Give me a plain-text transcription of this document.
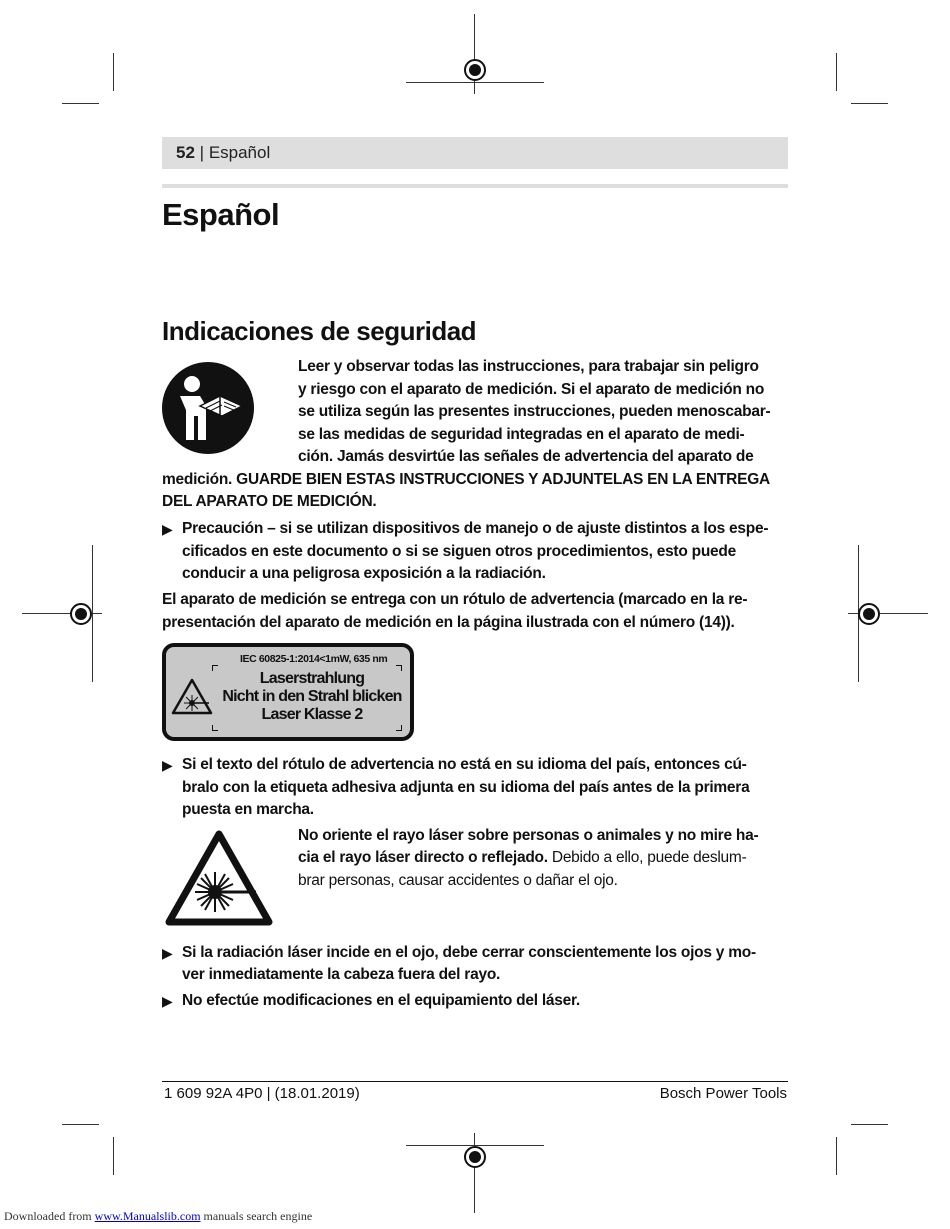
52 | Español
Español
Indicaciones de seguridad
Leer y observar todas las instrucciones, para trabajar sin peligro
y riesgo con el aparato de medición. Si el aparato de medición no
se utiliza según las presentes instrucciones, pueden menoscabar-
se las medidas de seguridad integradas en el aparato de medi-
ción. Jamás desvirtúe las señales de advertencia del aparato de
medición. GUARDE BIEN ESTAS INSTRUCCIONES Y ADJUNTELAS EN LA ENTREGA
DEL APARATO DE MEDICIÓN.
▶ Precaución – si se utilizan dispositivos de manejo o de ajuste distintos a los espe-
cificados en este documento o si se siguen otros procedimientos, esto puede
conducir a una peligrosa exposición a la radiación.
El aparato de medición se entrega con un rótulo de advertencia (marcado en la re-
presentación del aparato de medición en la página ilustrada con el número (14)).
IEC 60825-1:2014<1mW, 635 nm
Laserstrahlung
Nicht in den Strahl blicken
Laser Klasse 2
▶ Si el texto del rótulo de advertencia no está en su idioma del país, entonces cú-
bralo con la etiqueta adhesiva adjunta en su idioma del país antes de la primera
puesta en marcha.
No oriente el rayo láser sobre personas o animales y no mire ha-
cia el rayo láser directo o reflejado. Debido a ello, puede deslum-
brar personas, causar accidentes o dañar el ojo.
▶ Si la radiación láser incide en el ojo, debe cerrar conscientemente los ojos y mo-
ver inmediatamente la cabeza fuera del rayo.
▶ No efectúe modificaciones en el equipamiento del láser.
1 609 92A 4P0 | (18.01.2019)	Bosch Power Tools
Downloaded from www.Manualslib.com manuals search engine
